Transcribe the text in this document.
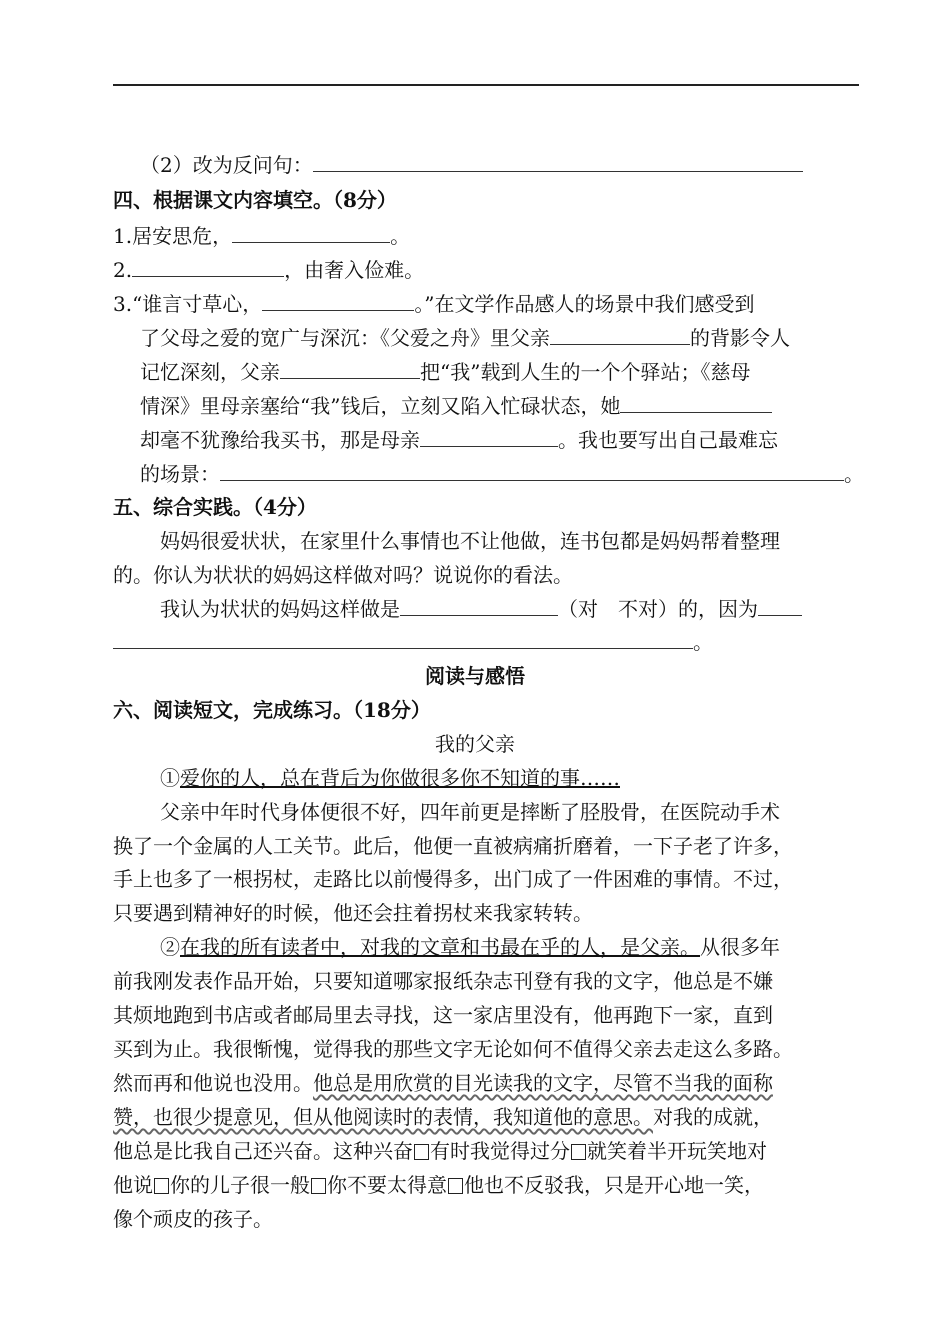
（2）改为反问句：
四、根据课文内容填空。（8分）
1.居安思危，	。
2.	，由奢入俭难。
3.“谁言寸草心，	。”在文学作品感人的场景中我们感受到
了父母之爱的宽广与深沉：《父爱之舟》里父亲	的背影令人
记忆深刻，父亲	把“我”载到人生的一个个驿站；《慈母
情深》里母亲塞给“我”钱后，立刻又陷入忙碌状态，她
却毫不犹豫给我买书，那是母亲	。我也要写出自己最难忘
的场景：	。
五、综合实践。（4分）
妈妈很爱状状，在家里什么事情也不让他做，连书包都是妈妈帮着整理
的。你认为状状的妈妈这样做对吗？说说你的看法。
我认为状状的妈妈这样做是	（对　不对）的，因为
。
阅读与感悟
六、阅读短文，完成练习。（18分）
我的父亲
①爱你的人，总在背后为你做很多你不知道的事……
父亲中年时代身体便很不好，四年前更是摔断了胫股骨，在医院动手术
换了一个金属的人工关节。此后，他便一直被病痛折磨着，一下子老了许多，
手上也多了一根拐杖，走路比以前慢得多，出门成了一件困难的事情。不过，
只要遇到精神好的时候，他还会拄着拐杖来我家转转。
②在我的所有读者中，对我的文章和书最在乎的人，是父亲。从很多年
前我刚发表作品开始，只要知道哪家报纸杂志刊登有我的文字，他总是不嫌
其烦地跑到书店或者邮局里去寻找，这一家店里没有，他再跑下一家，直到
买到为止。我很惭愧，觉得我的那些文字无论如何不值得父亲去走这么多路。
然而再和他说也没用。他总是用欣赏的目光读我的文字，尽管不当我的面称
赞，也很少提意见，但从他阅读时的表情，我知道他的意思。对我的成就，
他总是比我自己还兴奋。这种兴奋 有时我觉得过分 就笑着半开玩笑地对
他说 你的儿子很一般 你不要太得意 他也不反驳我，只是开心地一笑，
像个顽皮的孩子。
